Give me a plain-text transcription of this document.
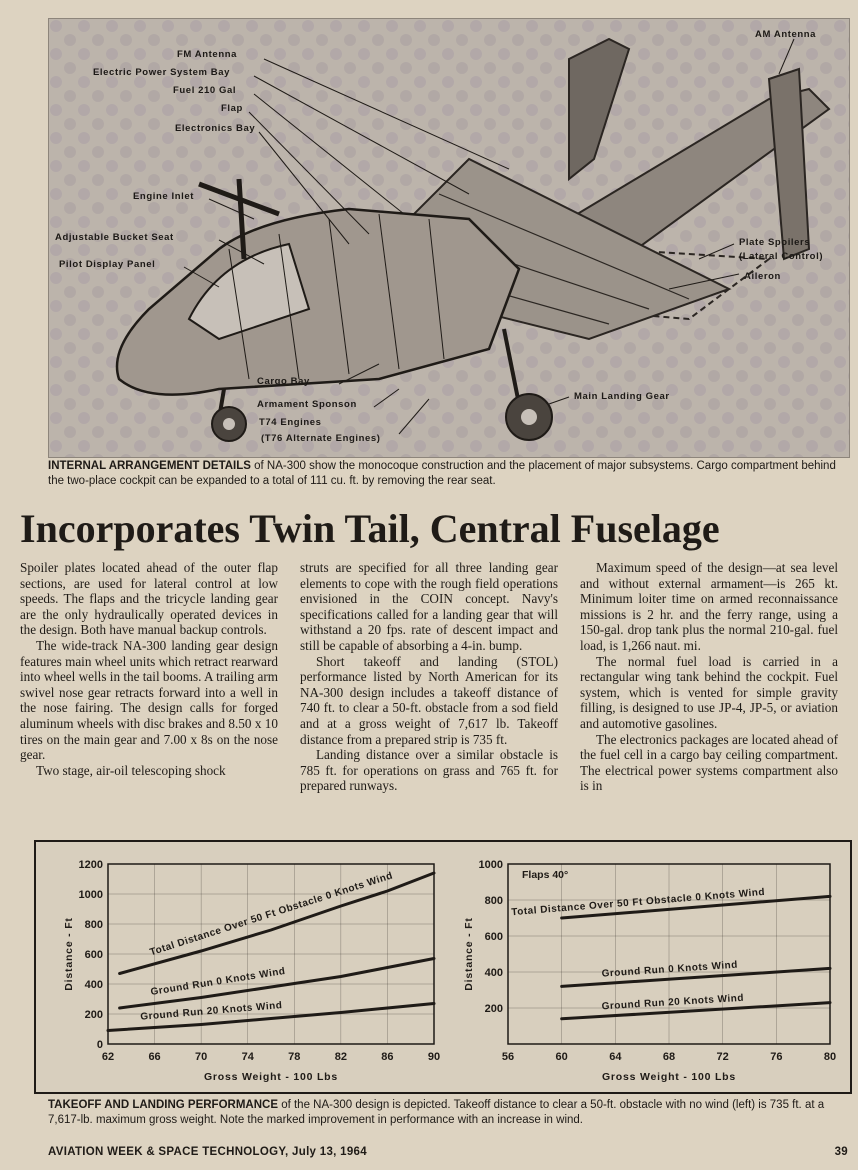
FM Antenna
Electric Power System Bay
Fuel 210 Gal
Flap
Electronics Bay
Engine Inlet
Adjustable Bucket Seat
Pilot Display Panel
Cargo Bay
Armament Sponson
T74 Engines
(T76 Alternate Engines)
AM Antenna
Plate Spoilers
(Lateral Control)
Aileron
Main Landing Gear
INTERNAL ARRANGEMENT DETAILS of NA-300 show the monocoque construction and the placement of major subsystems. Cargo compartment behind the two-place cockpit can be expanded to a total of 111 cu. ft. by removing the rear seat.
Incorporates Twin Tail, Central Fuselage

Spoiler plates located ahead of the outer flap sections, are used for lateral control at low speeds. The flaps and the tricycle landing gear are the only hydraulically operated devices in the design. Both have manual backup controls.

The wide-track NA-300 landing gear design features main wheel units which retract rearward into wheel wells in the tail booms. A trailing arm swivel nose gear retracts forward into a well in the nose fairing. The design calls for forged aluminum wheels with disc brakes and 8.50 x 10 tires on the main gear and 7.00 x 8s on the nose gear.

Two stage, air-oil telescoping shock

struts are specified for all three landing gear elements to cope with the rough field operations envisioned in the COIN concept. Navy's specifications called for a landing gear that will withstand a 20 fps. rate of descent impact and still be capable of absorbing a 4-in. bump.

Short takeoff and landing (STOL) performance listed by North American for its NA-300 design includes a takeoff distance of 740 ft. to clear a 50-ft. obstacle from a sod field and at a gross weight of 7,617 lb. Takeoff distance from a prepared strip is 735 ft.

Landing distance over a similar obstacle is 785 ft. for operations on grass and 765 ft. for prepared runways.

Maximum speed of the design—at sea level and without external armament—is 265 kt. Minimum loiter time on armed reconnaissance missions is 2 hr. and the ferry range, using a 150-gal. drop tank plus the normal 210-gal. fuel load, is 1,266 naut. mi.

The normal fuel load is carried in a rectangular wing tank behind the cockpit. Fuel system, which is vented for simple gravity filling, is designed to use JP-4, JP-5, or aviation and automotive gasolines.

The electronics packages are located ahead of the fuel cell in a cargo bay ceiling compartment. The electrical power systems compartment also is in

0
200
400
600
800
1000
1200
62	66	70	74	78	82	86	90
Gross Weight - 100 Lbs
Distance - Ft	Total Distance Over 50 Ft Obstacle 0 Knots Wind
Ground Run 0 Knots Wind
Ground Run 20 Knots Wind	200
400
600
800
1000
56	60	64	68	72	76	80
Gross Weight - 100 Lbs
Distance - Ft
Flaps 40°
Total Distance Over 50 Ft Obstacle 0 Knots Wind
Ground Run 0 Knots Wind
Ground Run 20 Knots Wind
TAKEOFF AND LANDING PERFORMANCE of the NA-300 design is depicted. Takeoff distance to clear a 50-ft. obstacle with no wind (left) is 735 ft. at a 7,617-lb. maximum gross weight. Note the marked improvement in performance with an increase in wind.
AVIATION WEEK & SPACE TECHNOLOGY, July 13, 1964	39
